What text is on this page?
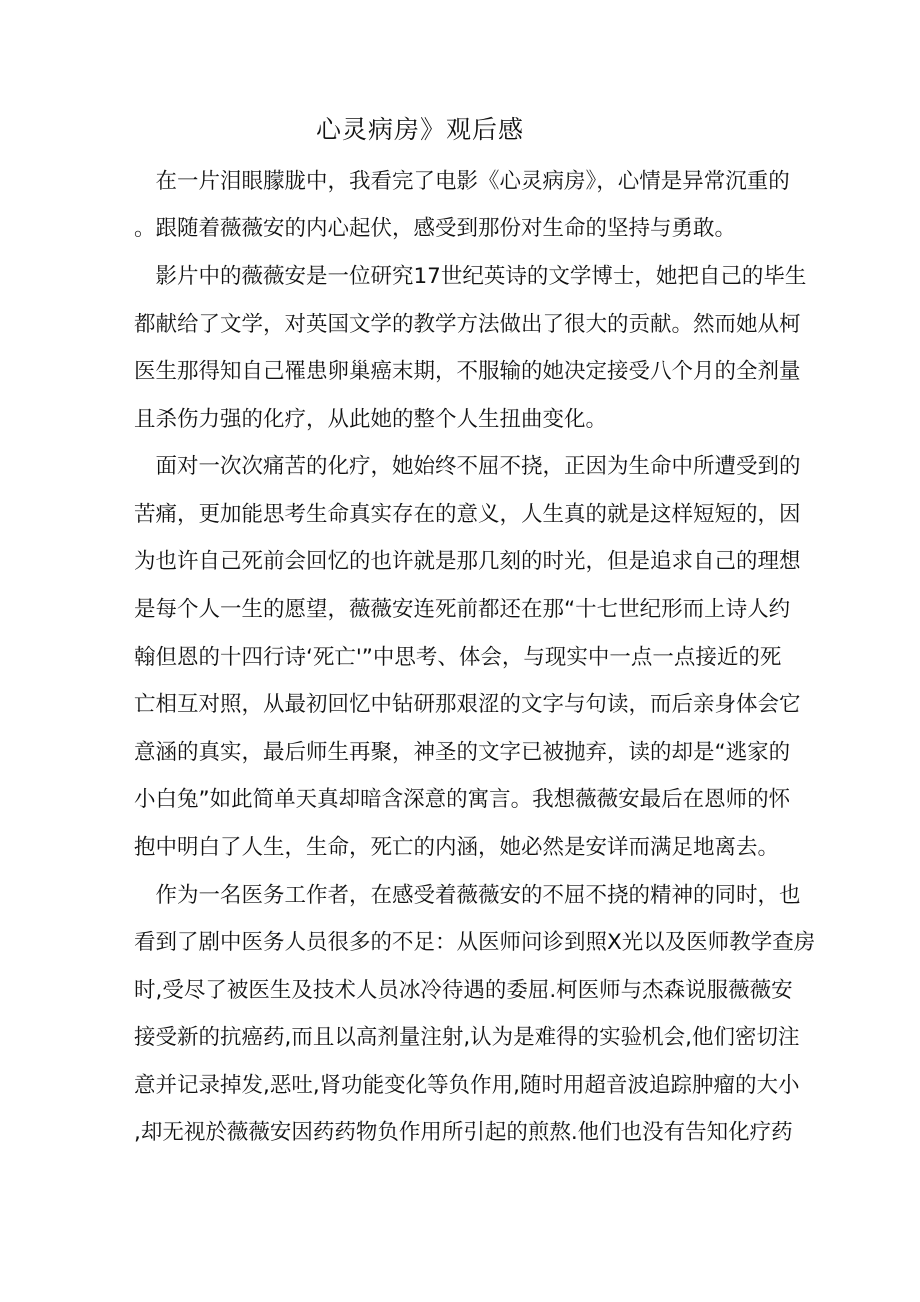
心灵病房》观后感

　在一片泪眼朦胧中，我看完了电影《心灵病房》，心情是异常沉重的

。跟随着薇薇安的内心起伏，感受到那份对生命的坚持与勇敢。

　影片中的薇薇安是一位研究17世纪英诗的文学博士，她把自己的毕生

都献给了文学，对英国文学的教学方法做出了很大的贡献。然而她从柯

医生那得知自己罹患卵巢癌末期，不服输的她决定接受八个月的全剂量

且杀伤力强的化疗，从此她的整个人生扭曲变化。

　面对一次次痛苦的化疗，她始终不屈不挠，正因为生命中所遭受到的

苦痛，更加能思考生命真实存在的意义，人生真的就是这样短短的，因

为也许自己死前会回忆的也许就是那几刻的时光，但是追求自己的理想

是每个人一生的愿望，薇薇安连死前都还在那“十七世纪形而上诗人约

翰但恩的十四行诗‘死亡'”中思考、体会，与现实中一点一点接近的死

亡相互对照，从最初回忆中钻研那艰涩的文字与句读，而后亲身体会它

意涵的真实，最后师生再聚，神圣的文字已被抛弃，读的却是“逃家的

小白兔”如此简单天真却暗含深意的寓言。我想薇薇安最后在恩师的怀

抱中明白了人生，生命，死亡的内涵，她必然是安详而满足地离去。

　作为一名医务工作者，在感受着薇薇安的不屈不挠的精神的同时，也

看到了剧中医务人员很多的不足：从医师问诊到照X光以及医师教学查房

时,受尽了被医生及技术人员冰冷待遇的委屈.柯医师与杰森说服薇薇安

接受新的抗癌药,而且以高剂量注射,认为是难得的实验机会,他们密切注

意并记录掉发,恶吐,肾功能变化等负作用,随时用超音波追踪肿瘤的大小

,却无视於薇薇安因药药物负作用所引起的煎熬.他们也没有告知化疗药
